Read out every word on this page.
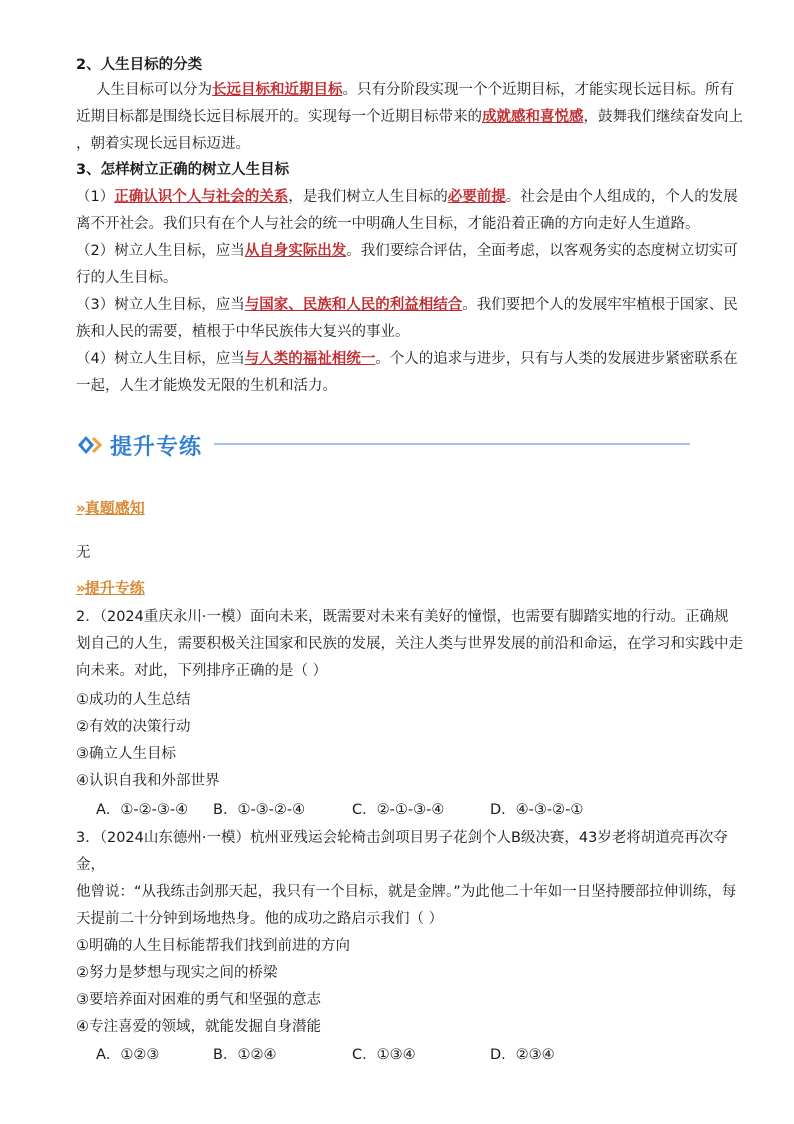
2、人生目标的分类
人生目标可以分为长远目标和近期目标。只有分阶段实现一个个近期目标，才能实现长远目标。所有
近期目标都是围绕长远目标展开的。实现每一个近期目标带来的成就感和喜悦感，鼓舞我们继续奋发向上
，朝着实现长远目标迈进。
3、怎样树立正确的树立人生目标
（1）正确认识个人与社会的关系，是我们树立人生目标的必要前提。社会是由个人组成的，个人的发展
离不开社会。我们只有在个人与社会的统一中明确人生目标，才能沿着正确的方向走好人生道路。
（2）树立人生目标，应当从自身实际出发。我们要综合评估，全面考虑，以客观务实的态度树立切实可
行的人生目标。
（3）树立人生目标，应当与国家、民族和人民的利益相结合。我们要把个人的发展牢牢植根于国家、民
族和人民的需要，植根于中华民族伟大复兴的事业。
（4）树立人生目标，应当与人类的福祉相统一。个人的追求与进步，只有与人类的发展进步紧密联系在
一起，人生才能焕发无限的生机和活力。
提升专练
» 真题感知
无
» 提升专练
2．（2024重庆永川·一模）面向未来，既需要对未来有美好的憧憬，也需要有脚踏实地的行动。正确规
划自己的人生，需要积极关注国家和民族的发展，关注人类与世界发展的前沿和命运，在学习和实践中走
向未来。对此，下列排序正确的是（ ）
①成功的人生总结
②有效的决策行动
③确立人生目标
④认识自我和外部世界
A．①-②-③-④ B．①-③-②-④	C．②-①-③-④	D．④-③-②-①
3．（2024山东德州·一模）杭州亚残运会轮椅击剑项目男子花剑个人B级决赛，43岁老将胡道亮再次夺
金，
他曾说：“从我练击剑那天起，我只有一个目标，就是金牌。”为此他二十年如一日坚持腰部拉伸训练，每
天提前二十分钟到场地热身。他的成功之路启示我们（ ）
①明确的人生目标能帮我们找到前进的方向
②努力是梦想与现实之间的桥梁
③要培养面对困难的勇气和坚强的意志
④专注喜爱的领域，就能发掘自身潜能
A．①②③	B．①②④	C．①③④	D．②③④
